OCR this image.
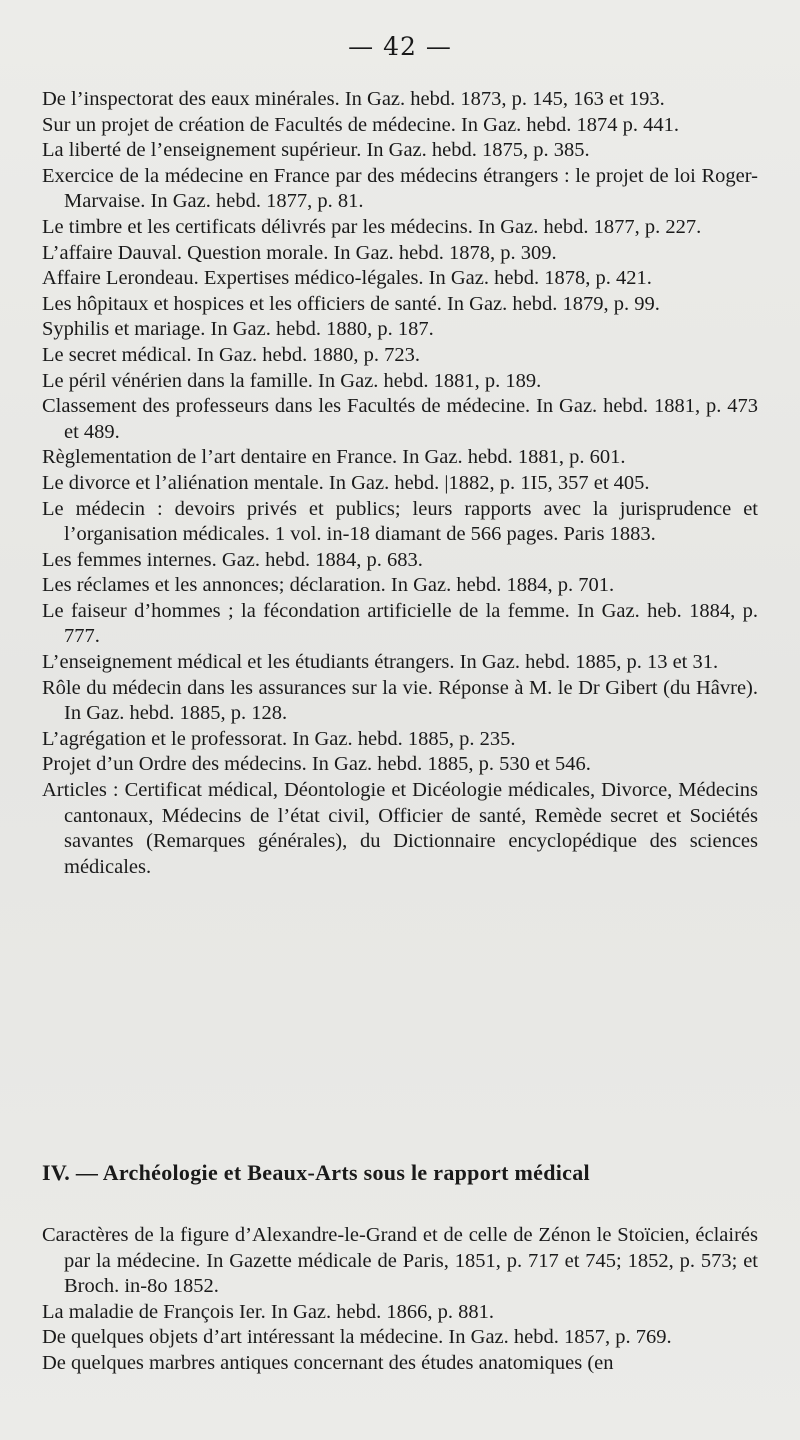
— 42 —

De l’inspectorat des eaux minérales. In Gaz. hebd. 1873, p. 145, 163 et 193.

Sur un projet de création de Facultés de médecine. In Gaz. hebd. 1874 p. 441.

La liberté de l’enseignement supérieur. In Gaz. hebd. 1875, p. 385.

Exercice de la médecine en France par des médecins étrangers : le projet de loi Roger-Marvaise. In Gaz. hebd. 1877, p. 81.

Le timbre et les certificats délivrés par les médecins. In Gaz. hebd. 1877, p. 227.

L’affaire Dauval. Question morale. In Gaz. hebd. 1878, p. 309.

Affaire Lerondeau. Expertises médico-légales. In Gaz. hebd. 1878, p. 421.

Les hôpitaux et hospices et les officiers de santé. In Gaz. hebd. 1879, p. 99.

Syphilis et mariage. In Gaz. hebd. 1880, p. 187.

Le secret médical. In Gaz. hebd. 1880, p. 723.

Le péril vénérien dans la famille. In Gaz. hebd. 1881, p. 189.

Classement des professeurs dans les Facultés de médecine. In Gaz. hebd. 1881, p. 473 et 489.

Règlementation de l’art dentaire en France. In Gaz. hebd. 1881, p. 601.

Le divorce et l’aliénation mentale. In Gaz. hebd. |1882, p. 1I5, 357 et 405.

Le médecin : devoirs privés et publics; leurs rapports avec la jurisprudence et l’organisation médicales. 1 vol. in-18 diamant de 566 pages. Paris 1883.

Les femmes internes. Gaz. hebd. 1884, p. 683.

Les réclames et les annonces; déclaration. In Gaz. hebd. 1884, p. 701.

Le faiseur d’hommes ; la fécondation artificielle de la femme. In Gaz. heb. 1884, p. 777.

L’enseignement médical et les étudiants étrangers. In Gaz. hebd. 1885, p. 13 et 31.

Rôle du médecin dans les assurances sur la vie. Réponse à M. le Dr Gibert (du Hâvre). In Gaz. hebd. 1885, p. 128.

L’agrégation et le professorat. In Gaz. hebd. 1885, p. 235.

Projet d’un Ordre des médecins. In Gaz. hebd. 1885, p. 530 et 546.

Articles : Certificat médical, Déontologie et Dicéologie médicales, Divorce, Médecins cantonaux, Médecins de l’état civil, Officier de santé, Remède secret et Sociétés savantes (Remarques générales), du Dictionnaire encyclopédique des sciences médicales.

IV. — Archéologie et Beaux-Arts sous le rapport médical

Caractères de la figure d’Alexandre-le-Grand et de celle de Zénon le Stoïcien, éclairés par la médecine. In Gazette médicale de Paris, 1851, p. 717 et 745; 1852, p. 573; et Broch. in-8o 1852.

La maladie de François Ier. In Gaz. hebd. 1866, p. 881.

De quelques objets d’art intéressant la médecine. In Gaz. hebd. 1857, p. 769.

De quelques marbres antiques concernant des études anatomiques (en
